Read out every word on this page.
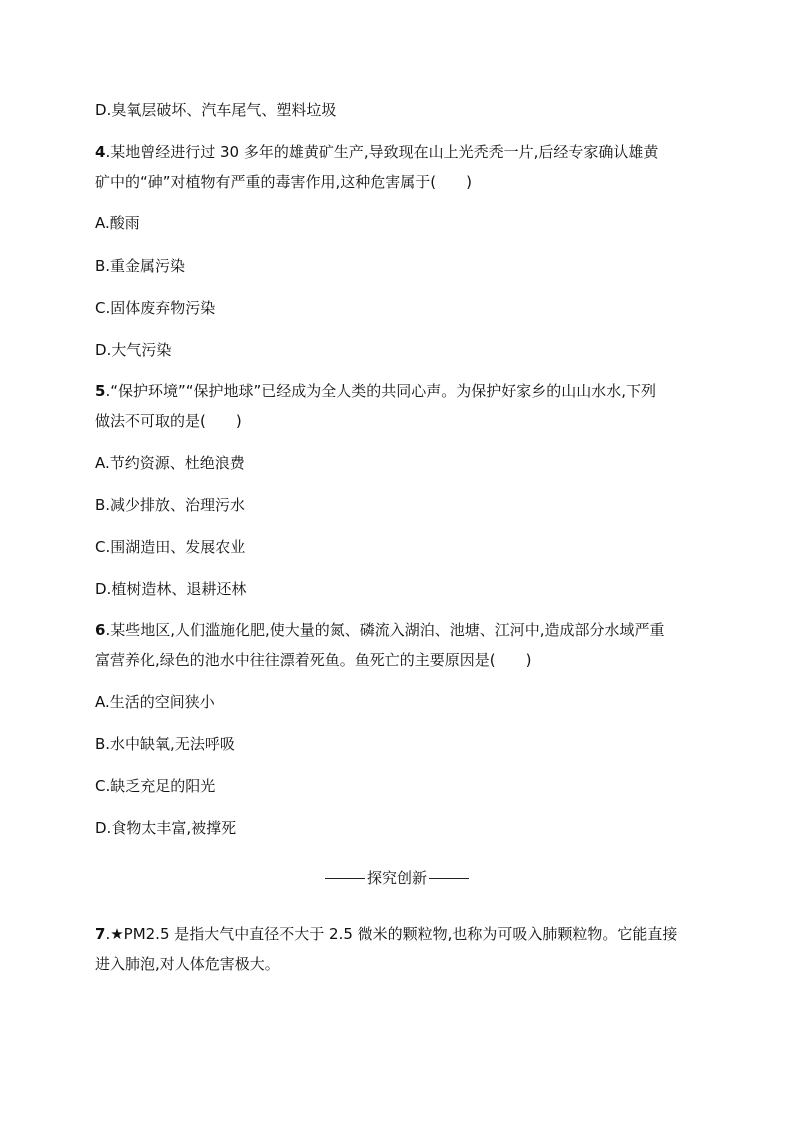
D.臭氧层破坏、汽车尾气、塑料垃圾
4.某地曾经进行过 30 多年的雄黄矿生产,导致现在山上光秃秃一片,后经专家确认雄黄
矿中的“砷”对植物有严重的毒害作用,这种危害属于(　　)
A.酸雨
B.重金属污染
C.固体废弃物污染
D.大气污染
5.“保护环境”“保护地球”已经成为全人类的共同心声。为保护好家乡的山山水水,下列
做法不可取的是(　　)
A.节约资源、杜绝浪费
B.减少排放、治理污水
C.围湖造田、发展农业
D.植树造林、退耕还林
6.某些地区,人们滥施化肥,使大量的氮、磷流入湖泊、池塘、江河中,造成部分水域严重
富营养化,绿色的池水中往往漂着死鱼。鱼死亡的主要原因是(　　)
A.生活的空间狭小
B.水中缺氧,无法呼吸
C.缺乏充足的阳光
D.食物太丰富,被撑死
探究创新
7.★PM2.5 是指大气中直径不大于 2.5 微米的颗粒物,也称为可吸入肺颗粒物。它能直接
进入肺泡,对人体危害极大。
